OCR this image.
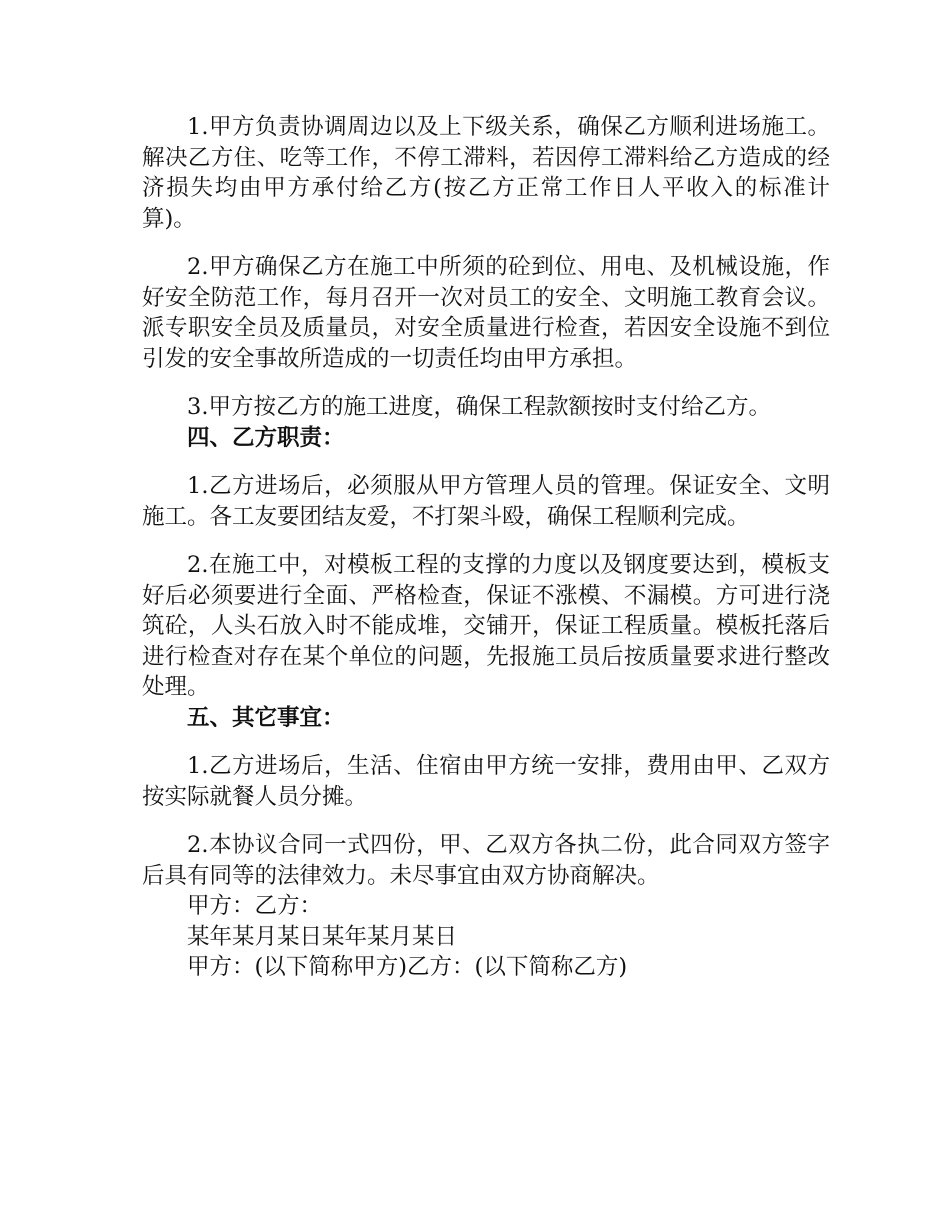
1.甲方负责协调周边以及上下级关系，确保乙方顺利进场施工。解决乙方住、吃等工作，不停工滞料，若因停工滞料给乙方造成的经济损失均由甲方承付给乙方(按乙方正常工作日人平收入的标准计算)。

2.甲方确保乙方在施工中所须的砼到位、用电、及机械设施，作好安全防范工作，每月召开一次对员工的安全、文明施工教育会议。派专职安全员及质量员，对安全质量进行检查，若因安全设施不到位引发的安全事故所造成的一切责任均由甲方承担。

3.甲方按乙方的施工进度，确保工程款额按时支付给乙方。

四、乙方职责：

1.乙方进场后，必须服从甲方管理人员的管理。保证安全、文明施工。各工友要团结友爱，不打架斗殴，确保工程顺利完成。

2.在施工中，对模板工程的支撑的力度以及钢度要达到，模板支好后必须要进行全面、严格检查，保证不涨模、不漏模。方可进行浇筑砼，人头石放入时不能成堆，交铺开，保证工程质量。模板托落后进行检查对存在某个单位的问题，先报施工员后按质量要求进行整改处理。

五、其它事宜：

1.乙方进场后，生活、住宿由甲方统一安排，费用由甲、乙双方按实际就餐人员分摊。

2.本协议合同一式四份，甲、乙双方各执二份，此合同双方签字后具有同等的法律效力。未尽事宜由双方协商解决。

甲方：乙方：

某年某月某日某年某月某日

甲方：(以下简称甲方)乙方：(以下简称乙方)
